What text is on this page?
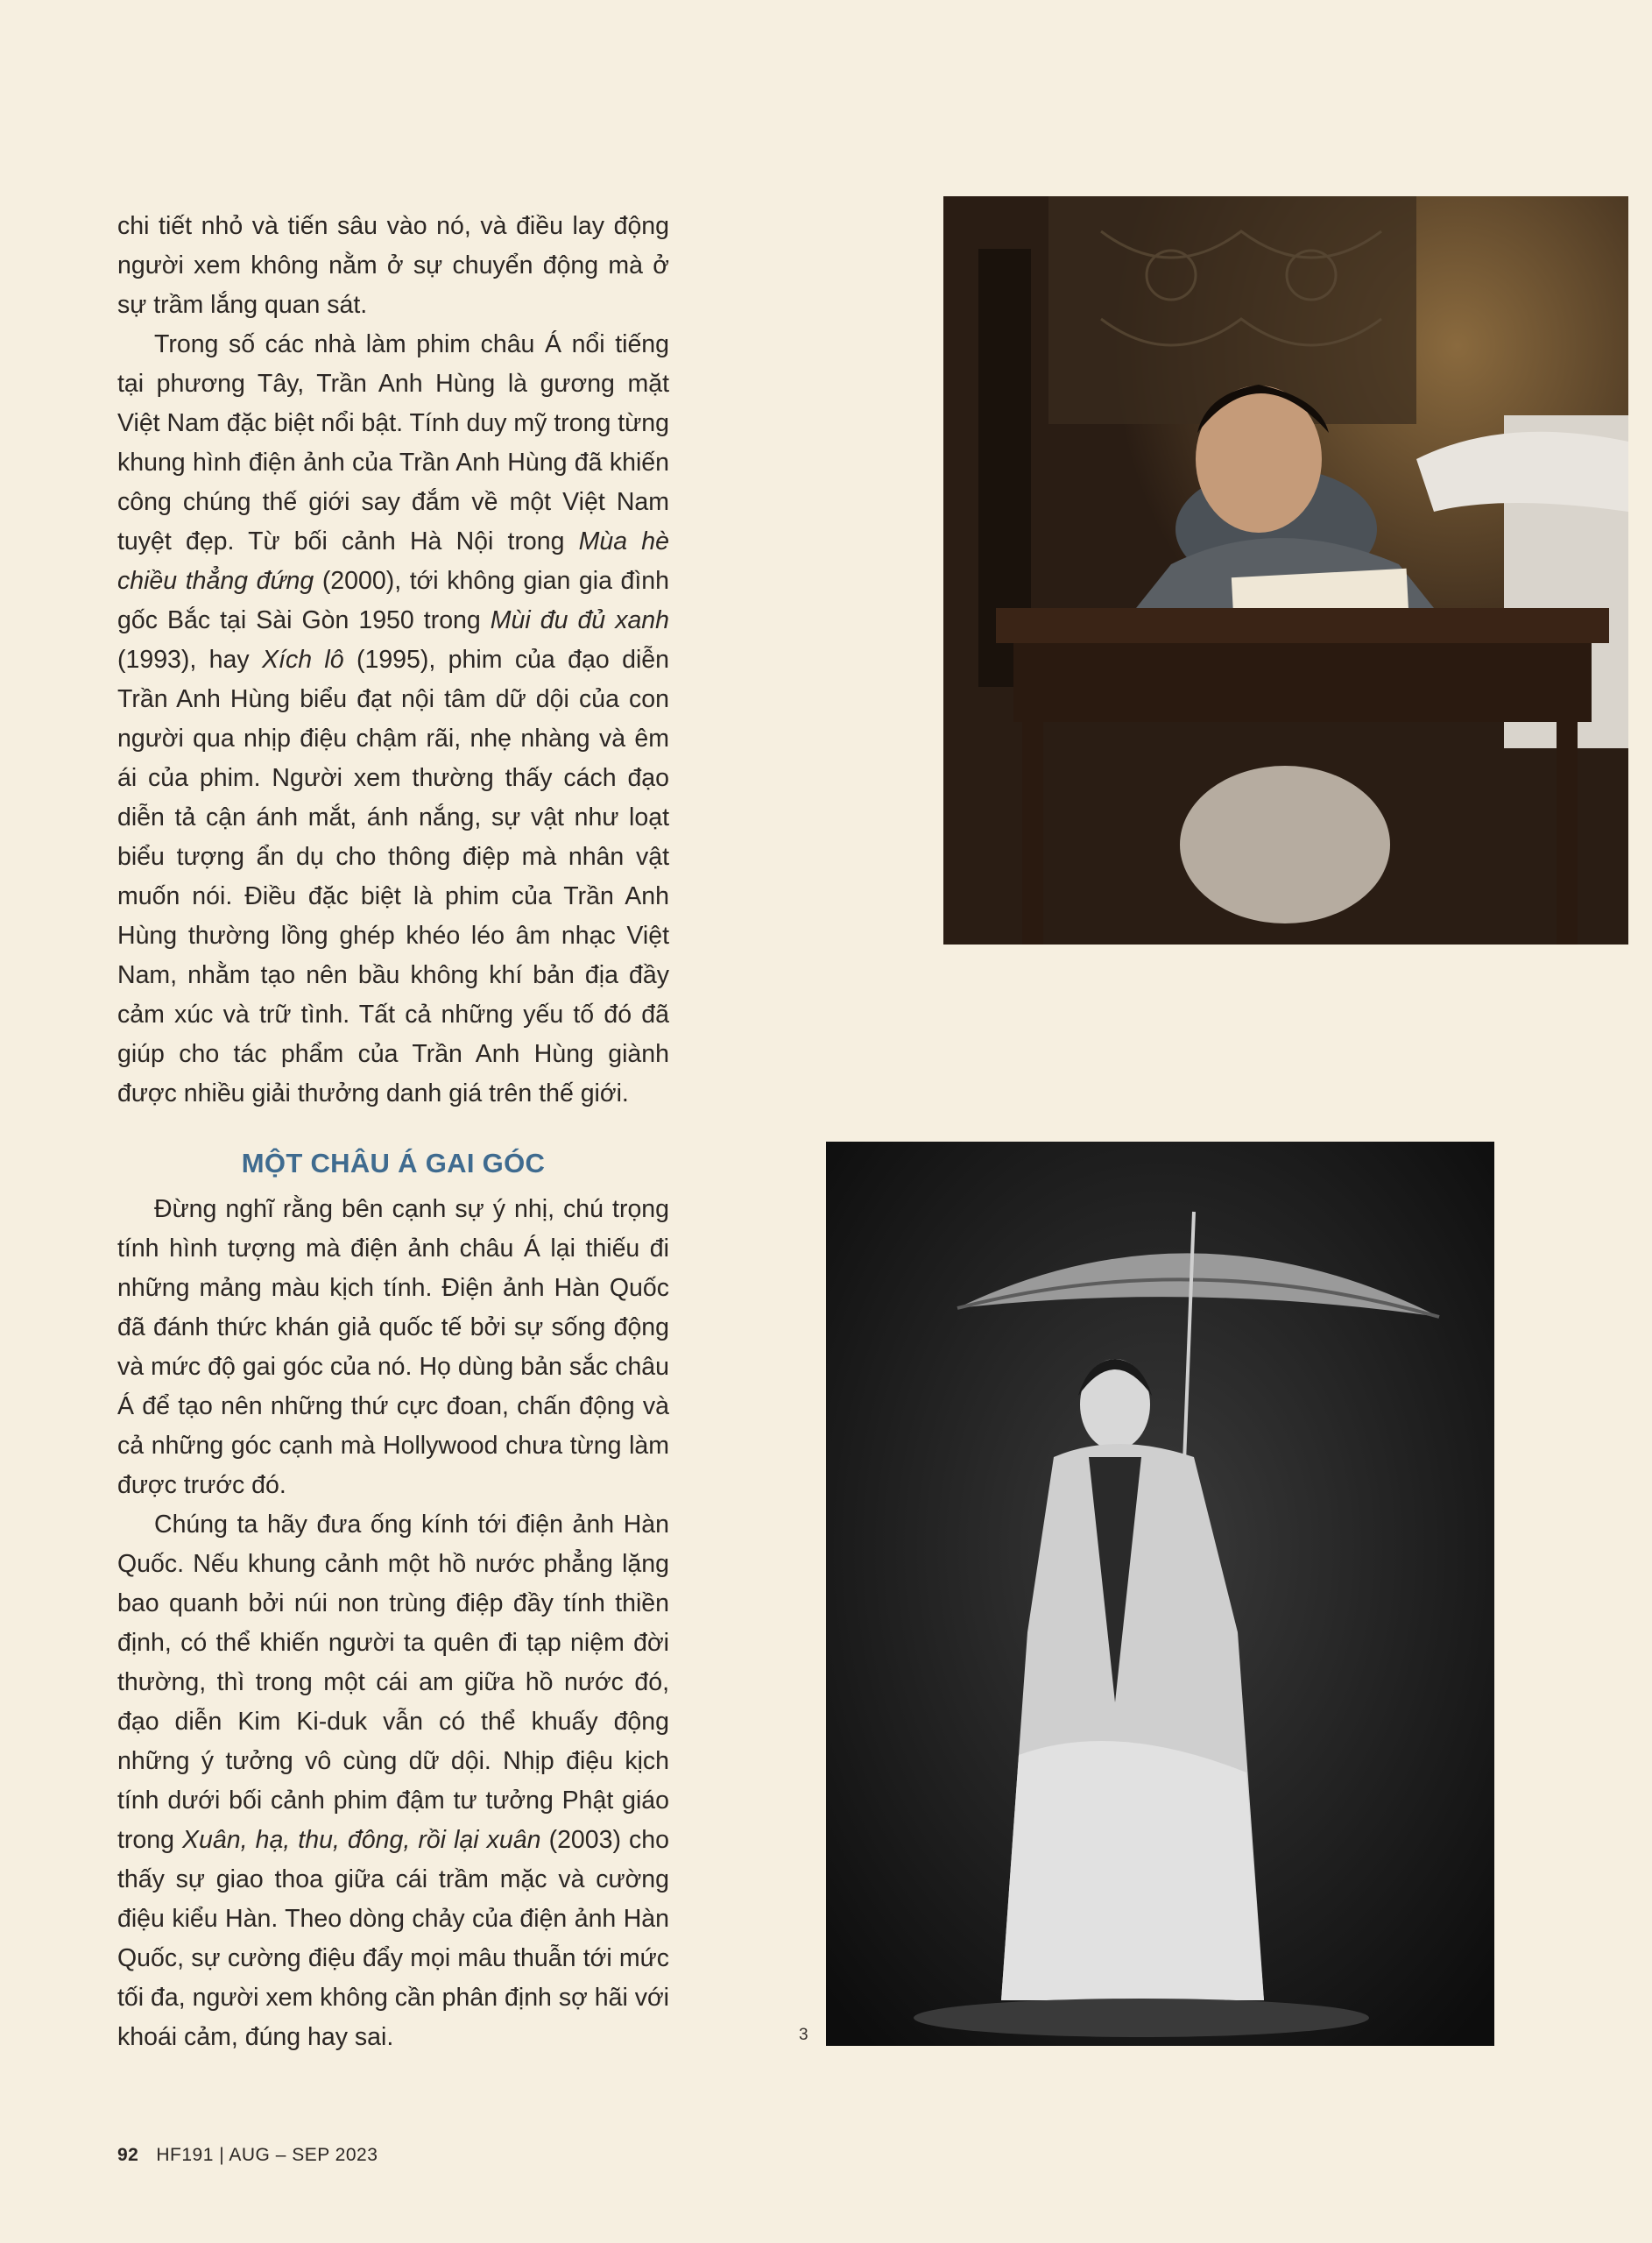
chi tiết nhỏ và tiến sâu vào nó, và điều lay động người xem không nằm ở sự chuyển động mà ở sự trầm lắng quan sát.

Trong số các nhà làm phim châu Á nổi tiếng tại phương Tây, Trần Anh Hùng là gương mặt Việt Nam đặc biệt nổi bật. Tính duy mỹ trong từng khung hình điện ảnh của Trần Anh Hùng đã khiến công chúng thế giới say đắm về một Việt Nam tuyệt đẹp. Từ bối cảnh Hà Nội trong Mùa hè chiều thẳng đứng (2000), tới không gian gia đình gốc Bắc tại Sài Gòn 1950 trong Mùi đu đủ xanh (1993), hay Xích lô (1995), phim của đạo diễn Trần Anh Hùng biểu đạt nội tâm dữ dội của con người qua nhịp điệu chậm rãi, nhẹ nhàng và êm ái của phim. Người xem thường thấy cách đạo diễn tả cận ánh mắt, ánh nắng, sự vật như loạt biểu tượng ẩn dụ cho thông điệp mà nhân vật muốn nói. Điều đặc biệt là phim của Trần Anh Hùng thường lồng ghép khéo léo âm nhạc Việt Nam, nhằm tạo nên bầu không khí bản địa đầy cảm xúc và trữ tình. Tất cả những yếu tố đó đã giúp cho tác phẩm của Trần Anh Hùng giành được nhiều giải thưởng danh giá trên thế giới.

MỘT CHÂU Á GAI GÓC

Đừng nghĩ rằng bên cạnh sự ý nhị, chú trọng tính hình tượng mà điện ảnh châu Á lại thiếu đi những mảng màu kịch tính. Điện ảnh Hàn Quốc đã đánh thức khán giả quốc tế bởi sự sống động và mức độ gai góc của nó. Họ dùng bản sắc châu Á để tạo nên những thứ cực đoan, chấn động và cả những góc cạnh mà Hollywood chưa từng làm được trước đó.

Chúng ta hãy đưa ống kính tới điện ảnh Hàn Quốc. Nếu khung cảnh một hồ nước phẳng lặng bao quanh bởi núi non trùng điệp đầy tính thiền định, có thể khiến người ta quên đi tạp niệm đời thường, thì trong một cái am giữa hồ nước đó, đạo diễn Kim Ki-duk vẫn có thể khuấy động những ý tưởng vô cùng dữ dội. Nhịp điệu kịch tính dưới bối cảnh phim đậm tư tưởng Phật giáo trong Xuân, hạ, thu, đông, rồi lại xuân (2003) cho thấy sự giao thoa giữa cái trầm mặc và cường điệu kiểu Hàn. Theo dòng chảy của điện ảnh Hàn Quốc, sự cường điệu đẩy mọi mâu thuẫn tới mức tối đa, người xem không cần phân định sợ hãi với khoái cảm, đúng hay sai.	3
92 HF191 | AUG – SEP 2023
